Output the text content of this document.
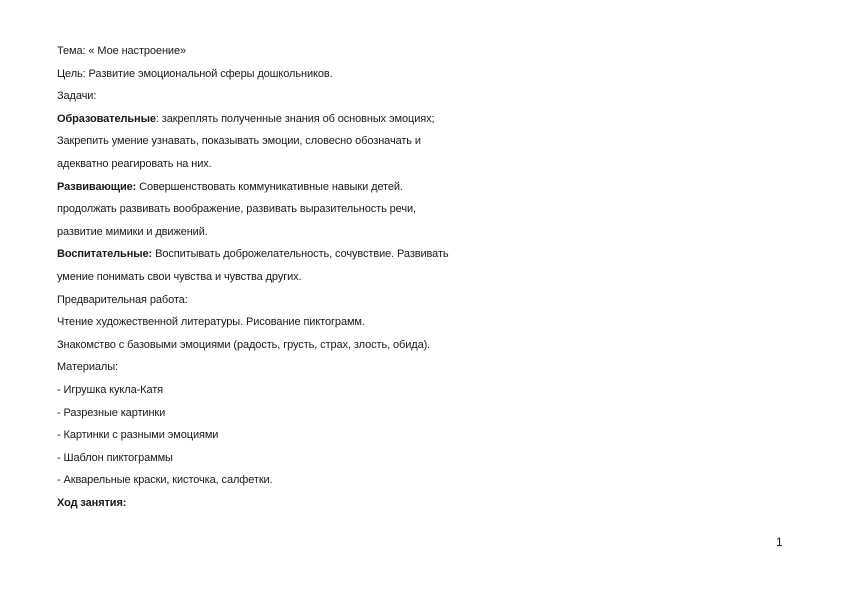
Тема: « Мое настроение»
Цель: Развитие эмоциональной сферы дошкольников.
Задачи:
Образовательные: закреплять полученные знания об основных эмоциях;
Закрепить умение узнавать, показывать эмоции, словесно обозначать и
адекватно реагировать на них.
Развивающие: Совершенствовать коммуникативные навыки детей.
продолжать развивать воображение, развивать выразительность речи,
развитие мимики и движений.
Воспитательные: Воспитывать доброжелательность, сочувствие. Развивать
умение понимать свои чувства и чувства других.
Предварительная работа:
Чтение художественной литературы. Рисование пиктограмм.
Знакомство с базовыми эмоциями (радость, грусть, страх, злость, обида).
Материалы:
- Игрушка кукла-Катя
- Разрезные картинки
- Картинки с разными эмоциями
- Шаблон пиктограммы
- Акварельные краски, кисточка, салфетки.
Ход занятия:
1
